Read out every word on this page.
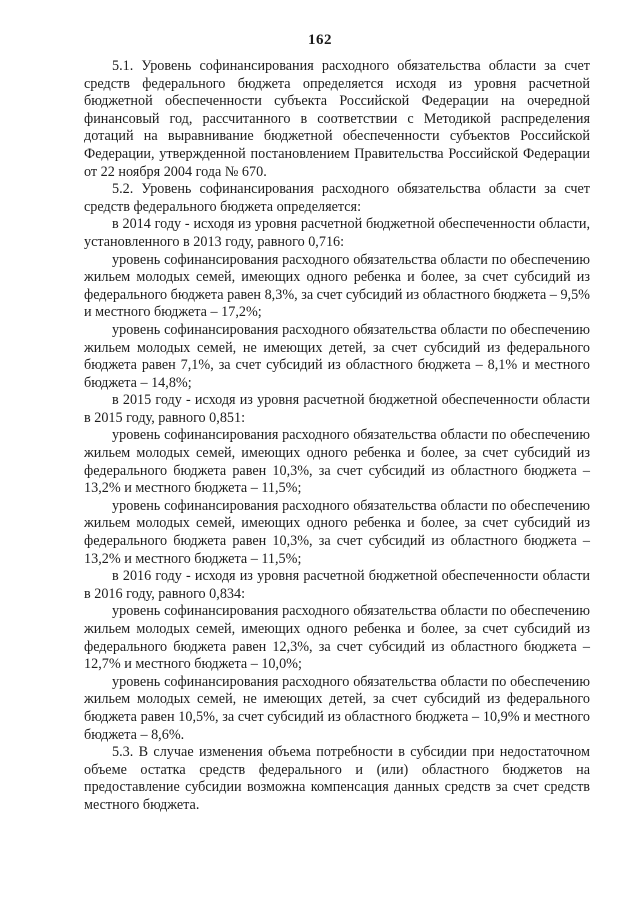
162

5.1. Уровень софинансирования расходного обязательства области за счет средств федерального бюджета определяется исходя из уровня расчетной бюджетной обеспеченности субъекта Российской Федерации на очередной финансовый год, рассчитанного в соответствии с Методикой распределения дотаций на выравнивание бюджетной обеспеченности субъектов Российской Федерации, утвержденной постановлением Правительства Российской Федерации от 22 ноября 2004 года № 670.

5.2. Уровень софинансирования расходного обязательства области за счет средств федерального бюджета определяется:

в 2014 году - исходя из уровня расчетной бюджетной обеспеченности области, установленного в 2013 году, равного 0,716:

уровень софинансирования расходного обязательства области по обеспечению жильем молодых семей, имеющих одного ребенка и более, за счет субсидий из федерального бюджета равен 8,3%, за счет субсидий из областного бюджета – 9,5% и местного бюджета – 17,2%;

уровень софинансирования расходного обязательства области по обеспечению жильем молодых семей, не имеющих детей, за счет субсидий из федерального бюджета равен 7,1%, за счет субсидий из областного бюджета – 8,1% и местного бюджета – 14,8%;

в 2015 году - исходя из уровня расчетной бюджетной обеспеченности области в 2015 году, равного 0,851:

уровень софинансирования расходного обязательства области по обеспечению жильем молодых семей, имеющих одного ребенка и более, за счет субсидий из федерального бюджета равен 10,3%, за счет субсидий из областного бюджета – 13,2% и местного бюджета – 11,5%;

уровень софинансирования расходного обязательства области по обеспечению жильем молодых семей, имеющих одного ребенка и более, за счет субсидий из федерального бюджета равен 10,3%, за счет субсидий из областного бюджета – 13,2% и местного бюджета – 11,5%;

в 2016 году - исходя из уровня расчетной бюджетной обеспеченности области в 2016 году, равного 0,834:

уровень софинансирования расходного обязательства области по обеспечению жильем молодых семей, имеющих одного ребенка и более, за счет субсидий из федерального бюджета равен 12,3%, за счет субсидий из областного бюджета – 12,7% и местного бюджета – 10,0%;

уровень софинансирования расходного обязательства области по обеспечению жильем молодых семей, не имеющих детей, за счет субсидий из федерального бюджета равен 10,5%, за счет субсидий из областного бюджета – 10,9% и местного бюджета – 8,6%.

5.3. В случае изменения объема потребности в субсидии при недостаточном объеме остатка средств федерального и (или) областного бюджетов на предоставление субсидии возможна компенсация данных средств за счет средств местного бюджета.
